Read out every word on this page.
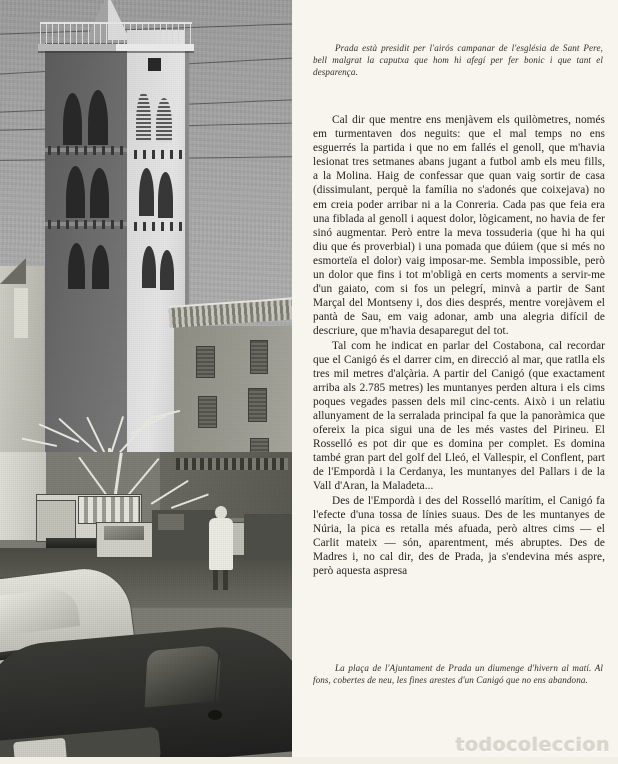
Prada està presidit per l'airós campanar de l'església de Sant Pere, bell malgrat la caputxa que hom hi afegí per fer bonic i que tant el desparença.

Cal dir que mentre ens menjàvem els quilòmetres, només em turmentaven dos neguits: que el mal temps no ens esguerrés la partida i que no em fallés el genoll, que m'havia lesionat tres setmanes abans jugant a futbol amb els meu fills, a la Molina. Haig de confessar que quan vaig sortir de casa (dissimulant, perquè la família no s'adonés que coixejava) no em creia poder arribar ni a la Conreria. Cada pas que feia era una fiblada al genoll i aquest dolor, lògicament, no havia de fer sinó augmentar. Però entre la meva tossuderia (que hi ha qui diu que és proverbial) i una pomada que dúiem (que si més no esmorteïa el dolor) vaig imposar-me. Sembla impossible, però un dolor que fins i tot m'obligà en certs moments a servir-me d'un gaiato, com si fos un pelegrí, minvà a partir de Sant Marçal del Montseny i, dos dies després, mentre vorejàvem el pantà de Sau, em vaig adonar, amb una alegria difícil de descriure, que m'havia desaparegut del tot.

Tal com he indicat en parlar del Costabona, cal recordar que el Canigó és el darrer cim, en direcció al mar, que ratlla els tres mil metres d'alçària. A partir del Canigó (que exactament arriba als 2.785 metres) les muntanyes perden altura i els cims poques vegades passen dels mil cinc-cents. Això i un relatiu allunyament de la serralada principal fa que la panoràmica que ofereix la pica sigui una de les més vastes del Pirineu. El Rosselló es pot dir que es domina per complet. Es domina també gran part del golf del Lleó, el Vallespir, el Conflent, part de l'Empordà i la Cerdanya, les muntanyes del Pallars i de la Vall d'Aran, la Maladeta...

Des de l'Empordà i des del Rosselló marítim, el Canigó fa l'efecte d'una tossa de línies suaus. Des de les muntanyes de Núria, la pica es retalla més afuada, però altres cims — el Carlit mateix — són, aparentment, més abruptes. Des de Madres i, no cal dir, des de Prada, ja s'endevina més aspre, però aquesta aspresa

La plaça de l'Ajuntament de Prada un diumenge d'hivern al matí. Al fons, cobertes de neu, les fines arestes d'un Canigó que no ens abandona.
todocoleccion
